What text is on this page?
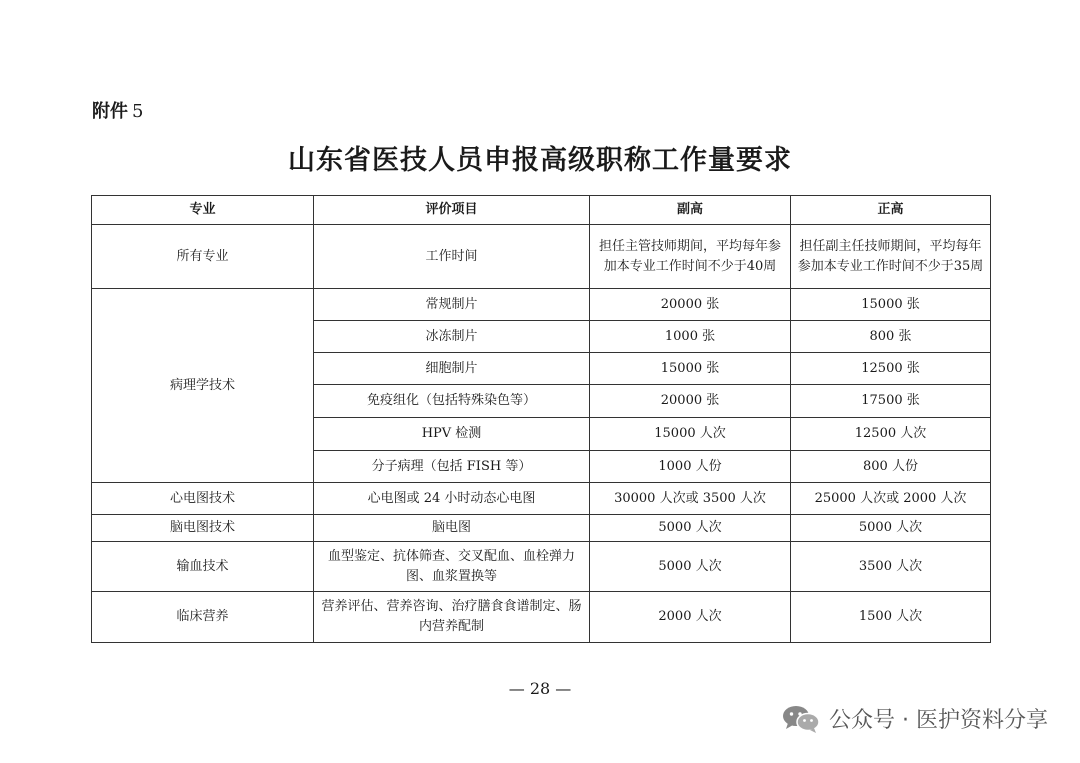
附件 5
山东省医技人员申报高级职称工作量要求
专业	评价项目	副高	正高
所有专业	工作时间	担任主管技师期间，平均每年参加本专业工作时间不少于40周	担任副主任技师期间，平均每年参加本专业工作时间不少于35周
病理学技术	常规制片	20000 张	15000 张
	冰冻制片	1000 张	800 张
	细胞制片	15000 张	12500 张
	免疫组化（包括特殊染色等）	20000 张	17500 张
	HPV 检测	15000 人次	12500 人次
	分子病理（包括 FISH 等）	1000 人份	800 人份
心电图技术	心电图或 24 小时动态心电图	30000 人次或 3500 人次	25000 人次或 2000 人次
脑电图技术	脑电图	5000 人次	5000 人次
输血技术	血型鉴定、抗体筛查、交叉配血、血栓弹力图、血浆置换等	5000 人次	3500 人次
临床营养	营养评估、营养咨询、治疗膳食食谱制定、肠内营养配制	2000 人次	1500 人次
— 28 —
公众号 · 医护资料分享
